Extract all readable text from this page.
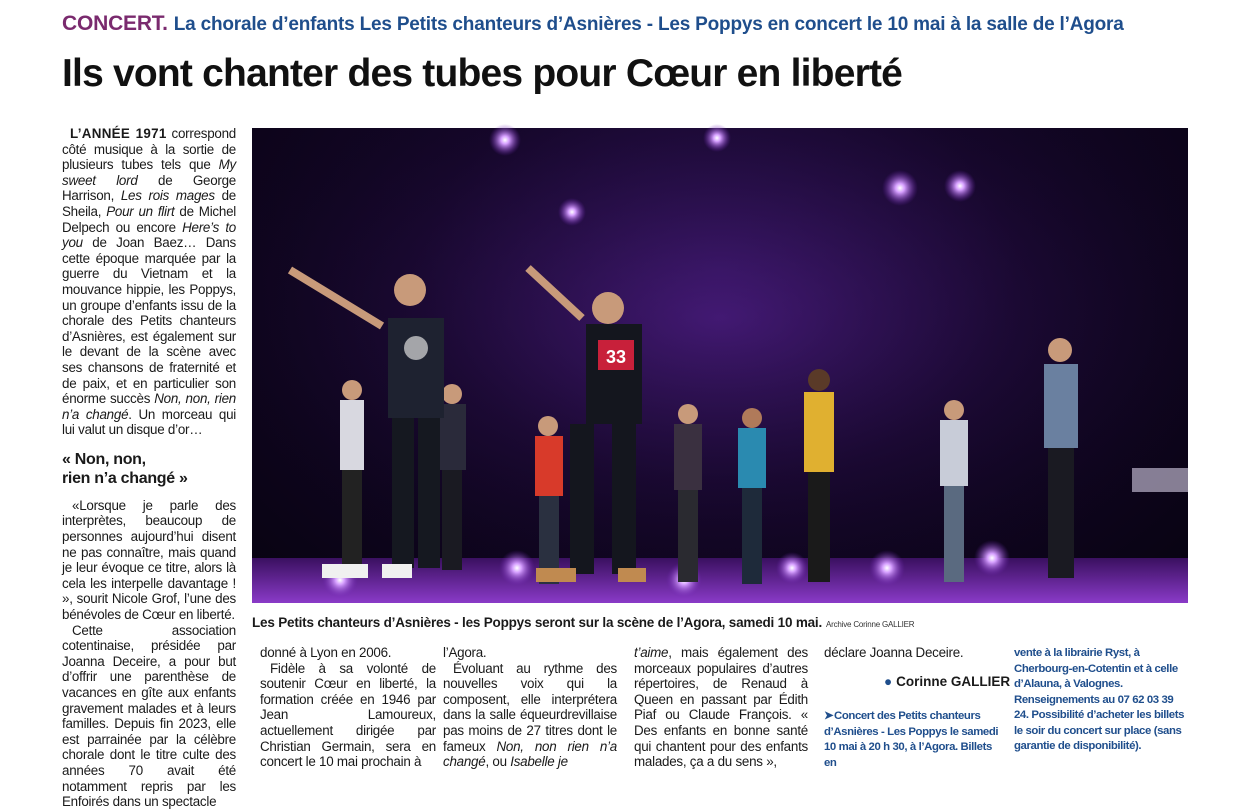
CONCERT. La chorale d’enfants Les Petits chanteurs d’Asnières - Les Poppys en concert le 10 mai à la salle de l’Agora
Ils vont chanter des tubes pour Cœur en liberté

L’ANNÉE 1971 correspond côté musique à la sortie de plusieurs tubes tels que My sweet lord de George Harrison, Les rois mages de Sheila, Pour un flirt de Michel Delpech ou encore Here’s to you de Joan Baez… Dans cette époque marquée par la guerre du Vietnam et la mouvance hippie, les Poppys, un groupe d’enfants issu de la chorale des Petits chanteurs d’Asnières, est également sur le devant de la scène avec ses chansons de fraternité et de paix, et en particulier son énorme succès Non, non, rien n’a changé. Un morceau qui lui valut un disque d’or…

« Non, non,
rien n’a changé »

«Lorsque je parle des interprètes, beaucoup de personnes aujourd’hui disent ne pas connaître, mais quand je leur évoque ce titre, alors là cela les interpelle davantage ! », sourit Nicole Grof, l’une des bénévoles de Cœur en liberté.

Cette association cotentinaise, présidée par Joanna Deceire, a pour but d’offrir une parenthèse de vacances en gîte aux enfants gravement malades et à leurs familles. Depuis fin 2023, elle est parrainée par la célèbre chorale dont le titre culte des années 70 avait été notamment repris par les Enfoirés dans un spectacle

33
Les Petits chanteurs d’Asnières - les Poppys seront sur la scène de l’Agora, samedi 10 mai. Archive Corinne GALLIER

donné à Lyon en 2006.

Fidèle à sa volonté de soutenir Cœur en liberté, la formation créée en 1946 par Jean Lamoureux, actuellement dirigée par Christian Germain, sera en concert le 10 mai prochain à

l’Agora.

Évoluant au rythme des nouvelles voix qui la composent, elle interprétera dans la salle équeurdrevillaise pas moins de 27 titres dont le fameux Non, non rien n’a changé, ou Isabelle je

t’aime, mais également des morceaux populaires d’autres répertoires, de Renaud à Queen en passant par Édith Piaf ou Claude François. « Des enfants en bonne santé qui chantent pour des enfants malades, ça a du sens »,

déclare Joanna Deceire.

● Corinne GALLIER
➤Concert des Petits chanteurs d’Asnières - Les Poppys le samedi 10 mai à 20 h 30, à l’Agora. Billets en
vente à la librairie Ryst, à Cherbourg-en-Cotentin et à celle d’Alauna, à Valognes. Renseignements au 07 62 03 39 24. Possibilité d’acheter les billets le soir du concert sur place (sans garantie de disponibilité).
